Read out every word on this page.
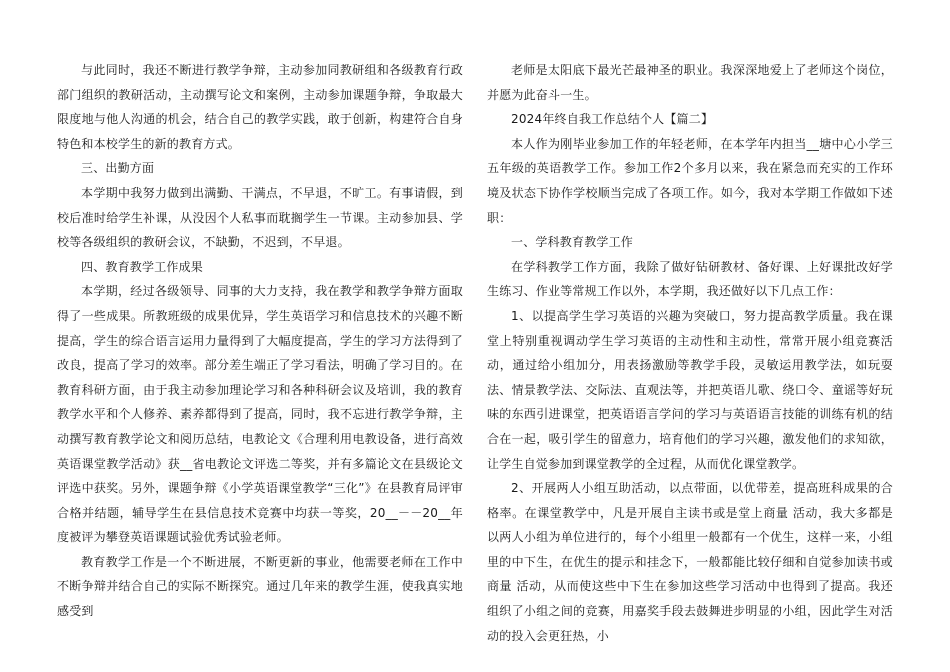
与此同时，我还不断进行教学争辩，主动参加同教研组和各级教育行政部门组织的教研活动，主动撰写论文和案例，主动参加课题争辩，争取最大限度地与他人沟通的机会，结合自己的教学实践，敢于创新，构建符合自身特色和本校学生的新的教育方式。

三、出勤方面

本学期中我努力做到出满勤、干满点，不早退，不旷工。有事请假，到校后准时给学生补课，从没因个人私事而耽搁学生一节课。主动参加县、学校等各级组织的教研会议，不缺勤，不迟到，不早退。

四、教育教学工作成果

本学期，经过各级领导、同事的大力支持，我在教学和教学争辩方面取得了一些成果。所教班级的成果优异，学生英语学习和信息技术的兴趣不断提高，学生的综合语言运用力量得到了大幅度提高，学生的学习方法得到了改良，提高了学习的效率。部分差生端正了学习看法，明确了学习目的。在教育科研方面，由于我主动参加理论学习和各种科研会议及培训，我的教育教学水平和个人修养、素养都得到了提高，同时，我不忘进行教学争辩，主动撰写教育教学论文和阅历总结，电教论文《合理利用电教设备，进行高效英语课堂教学活动》获__省电教论文评选二等奖，并有多篇论文在县级论文评选中获奖。另外，课题争辩《小学英语课堂教学“三化”》在县教育局评审合格并结题，辅导学生在县信息技术竞赛中均获一等奖，20__－－20__年度被评为攀登英语课题试验优秀试验老师。

教育教学工作是一个不断进展，不断更新的事业，他需要老师在工作中不断争辩并结合自己的实际不断探究。通过几年来的教学生涯，使我真实地感受到

老师是太阳底下最光芒最神圣的职业。我深深地爱上了老师这个岗位，并愿为此奋斗一生。

2024年终自我工作总结个人【篇二】

本人作为刚毕业参加工作的年轻老师，在本学年内担当__塘中心小学三五年级的英语教学工作。参加工作2个多月以来，我在紧急而充实的工作环境及状态下协作学校顺当完成了各项工作。如今，我对本学期工作做如下述职：

一、学科教育教学工作

在学科教学工作方面，我除了做好钻研教材、备好课、上好课批改好学生练习、作业等常规工作以外，本学期，我还做好以下几点工作：

1、以提高学生学习英语的兴趣为突破口，努力提高教学质量。我在课堂上特别重视调动学生学习英语的主动性和主动性，常常开展小组竞赛活动，通过给小组加分，用表扬激励等教学手段，灵敏运用教学法，如玩耍法、情景教学法、交际法、直观法等，并把英语儿歌、绕口令、童谣等好玩味的东西引进课堂，把英语语言学问的学习与英语语言技能的训练有机的结合在一起，吸引学生的留意力，培育他们的学习兴趣，激发他们的求知欲，让学生自觉参加到课堂教学的全过程，从而优化课堂教学。

2、开展两人小组互助活动，以点带面，以优带差，提高班科成果的合格率。在课堂教学中，凡是开展自主读书或是堂上商量 活动，我大多都是以两人小组为单位进行的，每个小组里一般都有一个优生，这样一来，小组里的中下生，在优生的提示和挂念下，一般都能比较仔细和自觉参加读书或商量 活动，从而使这些中下生在参加这些学习活动中也得到了提高。我还组织了小组之间的竞赛，用嘉奖手段去鼓舞进步明显的小组，因此学生对活动的投入会更狂热，小
